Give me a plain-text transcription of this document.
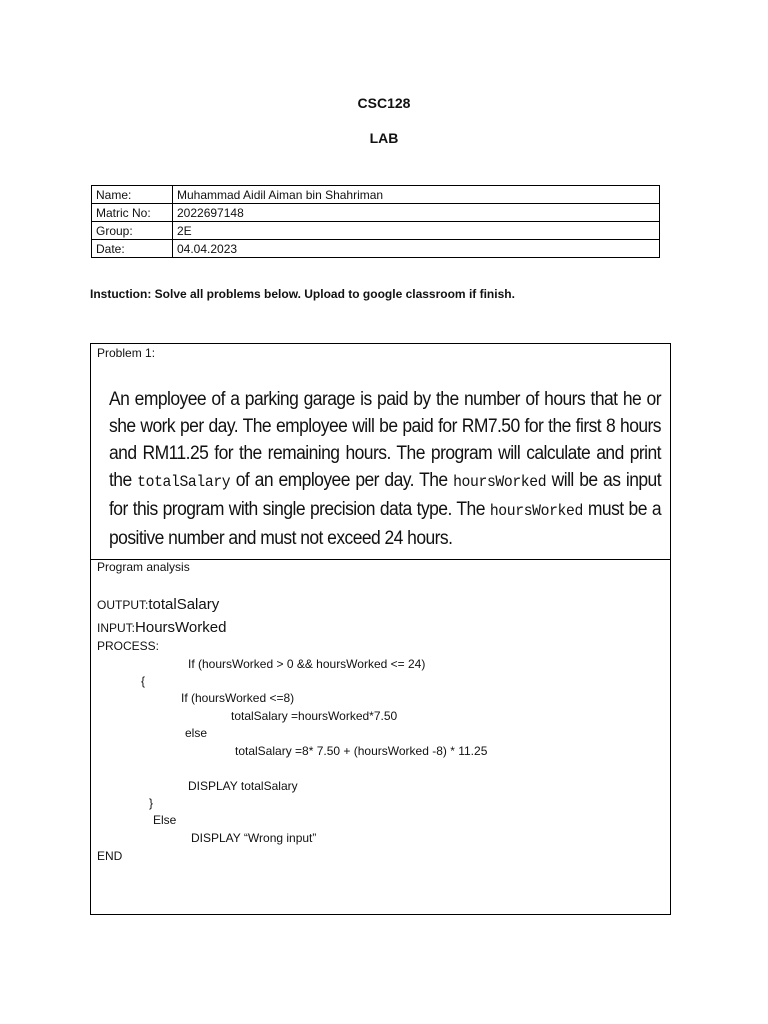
CSC128
LAB
Name:	Muhammad Aidil Aiman bin Shahriman
Matric No:	2022697148
Group:	2E
Date:	04.04.2023
Instuction: Solve all problems below. Upload to google classroom if finish.
Problem 1:
An employee of a parking garage is paid by the number of hours that he or she work per day. The employee will be paid for RM7.50 for the first 8 hours and RM11.25 for the remaining hours. The program will calculate and print the totalSalary of an employee per day. The hoursWorked will be as input for this program with single precision data type. The hoursWorked must be a positive number and must not exceed 24 hours.
Program analysis
OUTPUT:totalSalary
INPUT:HoursWorked
PROCESS:
If (hoursWorked > 0 && hoursWorked <= 24)
{
If (hoursWorked <=8)
totalSalary =hoursWorked*7.50
else
totalSalary =8* 7.50 + (hoursWorked -8) * 11.25
DISPLAY totalSalary
}
Else
DISPLAY “Wrong input”
END
